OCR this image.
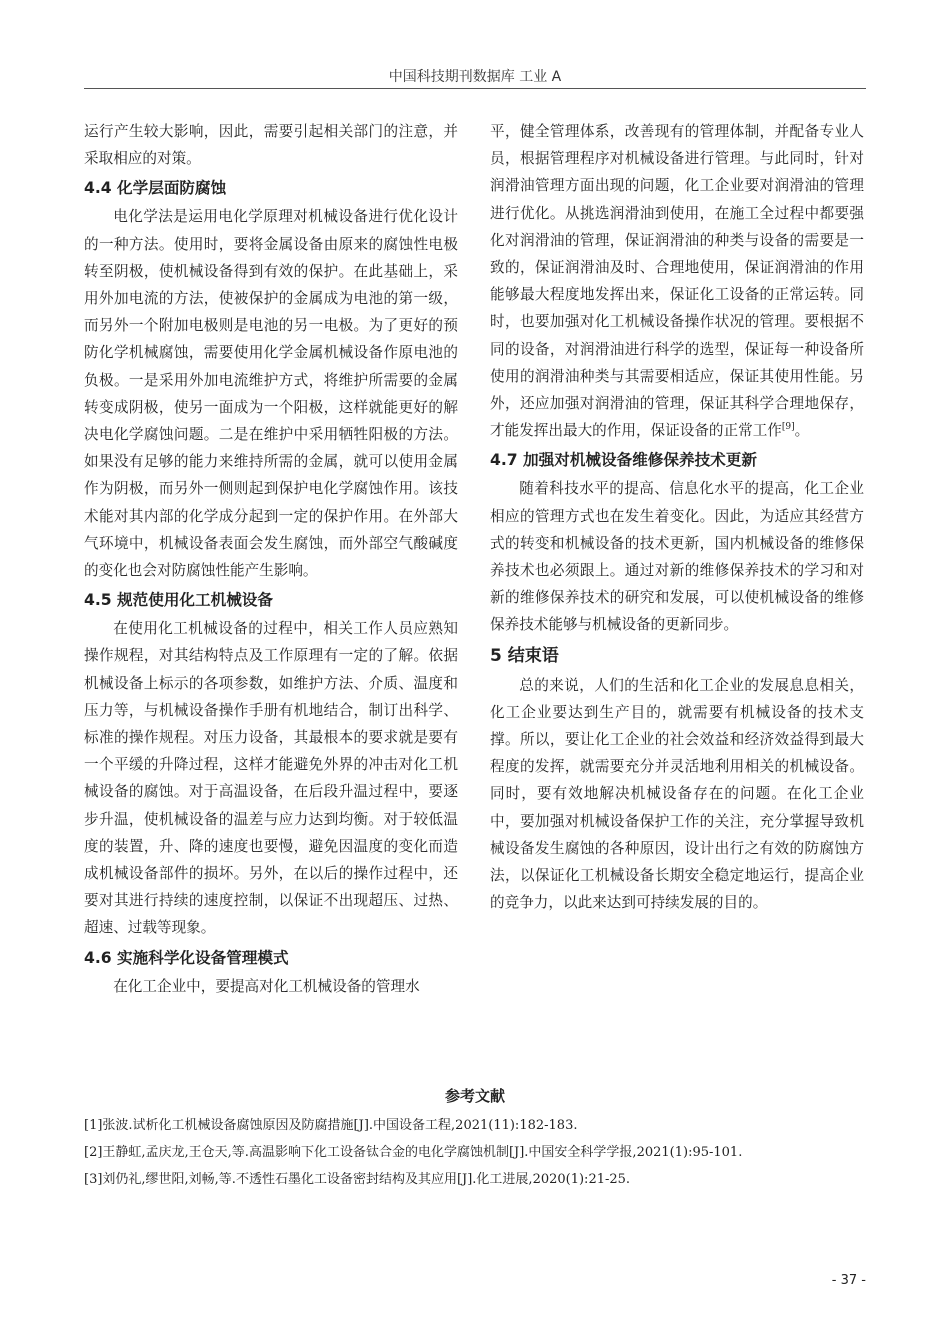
中国科技期刊数据库 工业 A

运行产生较大影响，因此，需要引起相关部门的注意，并采取相应的对策。

4.4 化学层面防腐蚀

电化学法是运用电化学原理对机械设备进行优化设计的一种方法。使用时，要将金属设备由原来的腐蚀性电极转至阴极，使机械设备得到有效的保护。在此基础上，采用外加电流的方法，使被保护的金属成为电池的第一级，而另外一个附加电极则是电池的另一电极。为了更好的预防化学机械腐蚀，需要使用化学金属机械设备作原电池的负极。一是采用外加电流维护方式，将维护所需要的金属转变成阴极，使另一面成为一个阳极，这样就能更好的解决电化学腐蚀问题。二是在维护中采用牺牲阳极的方法。如果没有足够的能力来维持所需的金属，就可以使用金属作为阴极，而另外一侧则起到保护电化学腐蚀作用。该技术能对其内部的化学成分起到一定的保护作用。在外部大气环境中，机械设备表面会发生腐蚀，而外部空气酸碱度的变化也会对防腐蚀性能产生影响。

4.5 规范使用化工机械设备

在使用化工机械设备的过程中，相关工作人员应熟知操作规程，对其结构特点及工作原理有一定的了解。依据机械设备上标示的各项参数，如维护方法、介质、温度和压力等，与机械设备操作手册有机地结合，制订出科学、标准的操作规程。对压力设备，其最根本的要求就是要有一个平缓的升降过程，这样才能避免外界的冲击对化工机械设备的腐蚀。对于高温设备，在后段升温过程中，要逐步升温，使机械设备的温差与应力达到均衡。对于较低温度的装置，升、降的速度也要慢，避免因温度的变化而造成机械设备部件的损坏。另外，在以后的操作过程中，还要对其进行持续的速度控制，以保证不出现超压、过热、超速、过载等现象。

4.6 实施科学化设备管理模式

在化工企业中，要提高对化工机械设备的管理水

平，健全管理体系，改善现有的管理体制，并配备专业人员，根据管理程序对机械设备进行管理。与此同时，针对润滑油管理方面出现的问题，化工企业要对润滑油的管理进行优化。从挑选润滑油到使用，在施工全过程中都要强化对润滑油的管理，保证润滑油的种类与设备的需要是一致的，保证润滑油及时、合理地使用，保证润滑油的作用能够最大程度地发挥出来，保证化工设备的正常运转。同时，也要加强对化工机械设备操作状况的管理。要根据不同的设备，对润滑油进行科学的选型，保证每一种设备所使用的润滑油种类与其需要相适应，保证其使用性能。另外，还应加强对润滑油的管理，保证其科学合理地保存，才能发挥出最大的作用，保证设备的正常工作[9]。

4.7 加强对机械设备维修保养技术更新

随着科技水平的提高、信息化水平的提高，化工企业相应的管理方式也在发生着变化。因此，为适应其经营方式的转变和机械设备的技术更新，国内机械设备的维修保养技术也必须跟上。通过对新的维修保养技术的学习和对新的维修保养技术的研究和发展，可以使机械设备的维修保养技术能够与机械设备的更新同步。

5 结束语

总的来说，人们的生活和化工企业的发展息息相关，化工企业要达到生产目的，就需要有机械设备的技术支撑。所以，要让化工企业的社会效益和经济效益得到最大程度的发挥，就需要充分并灵活地利用相关的机械设备。同时，要有效地解决机械设备存在的问题。在化工企业中，要加强对机械设备保护工作的关注，充分掌握导致机械设备发生腐蚀的各种原因，设计出行之有效的防腐蚀方法，以保证化工机械设备长期安全稳定地运行，提高企业的竞争力，以此来达到可持续发展的目的。

参考文献

[1]张波.试析化工机械设备腐蚀原因及防腐措施[J].中国设备工程,2021(11):182-183.

[2]王静虹,孟庆龙,王仓天,等.高温影响下化工设备钛合金的电化学腐蚀机制[J].中国安全科学学报,2021(1):95-101.

[3]刘仍礼,缪世阳,刘畅,等.不透性石墨化工设备密封结构及其应用[J].化工进展,2020(1):21-25.

- 37 -
